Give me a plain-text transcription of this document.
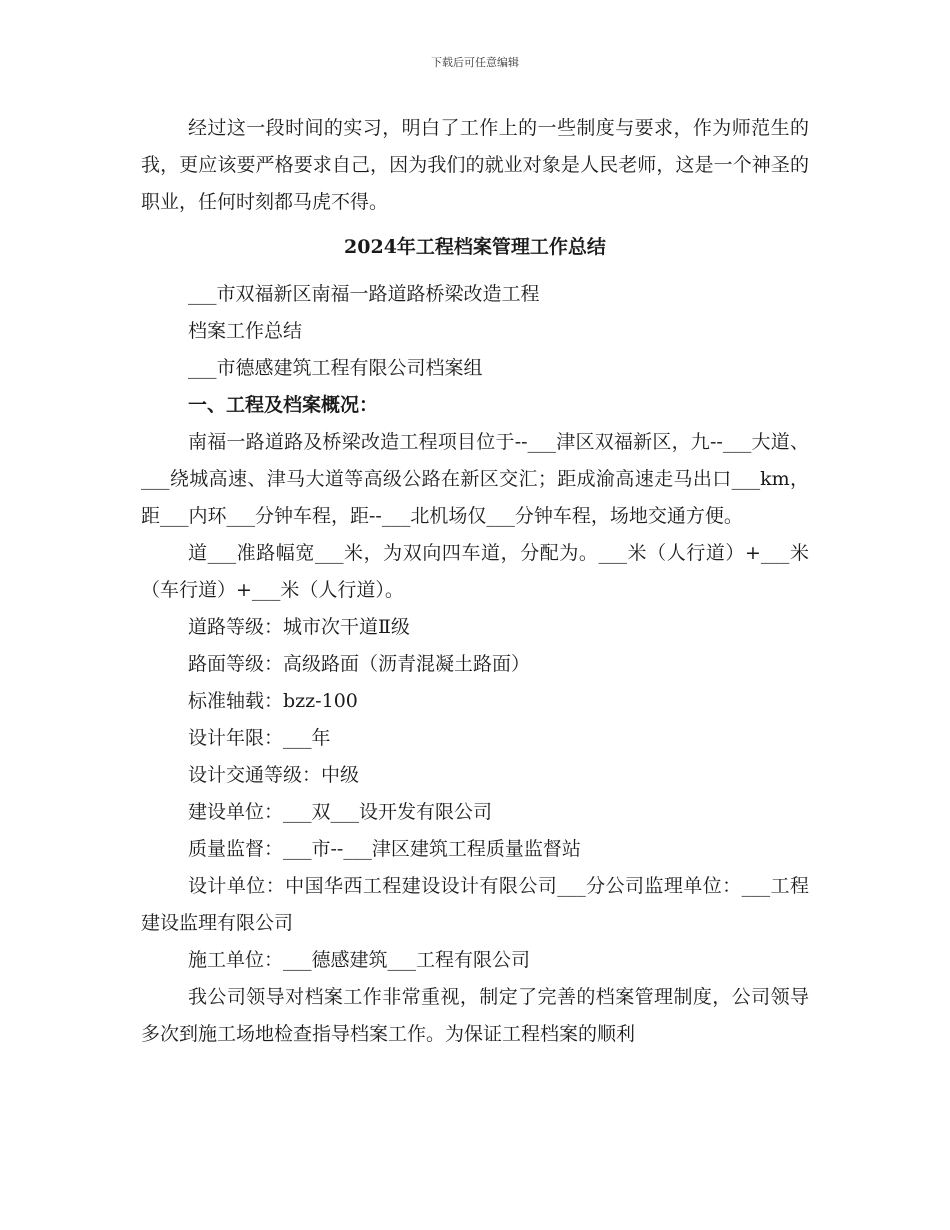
下载后可任意编辑

经过这一段时间的实习，明白了工作上的一些制度与要求，作为师范生的我，更应该要严格要求自己，因为我们的就业对象是人民老师，这是一个神圣的职业，任何时刻都马虎不得。

2024年工程档案管理工作总结

___市双福新区南福一路道路桥梁改造工程

档案工作总结

___市德感建筑工程有限公司档案组

一、工程及档案概况：

南福一路道路及桥梁改造工程项目位于--___津区双福新区，九--___大道、___绕城高速、津马大道等高级公路在新区交汇；距成渝高速走马出口___km，距___内环___分钟车程，距--___北机场仅___分钟车程，场地交通方便。

道___准路幅宽___米，为双向四车道，分配为。___米（人行道）+___米（车行道）+___米（人行道）。

道路等级：城市次干道Ⅱ级

路面等级：高级路面（沥青混凝土路面）

标准轴载：bzz-100

设计年限：___年

设计交通等级：中级

建设单位：___双___设开发有限公司

质量监督：___市--___津区建筑工程质量监督站

设计单位：中国华西工程建设设计有限公司___分公司监理单位：___工程建设监理有限公司

施工单位：___德感建筑___工程有限公司

我公司领导对档案工作非常重视，制定了完善的档案管理制度，公司领导多次到施工场地检查指导档案工作。为保证工程档案的顺利
